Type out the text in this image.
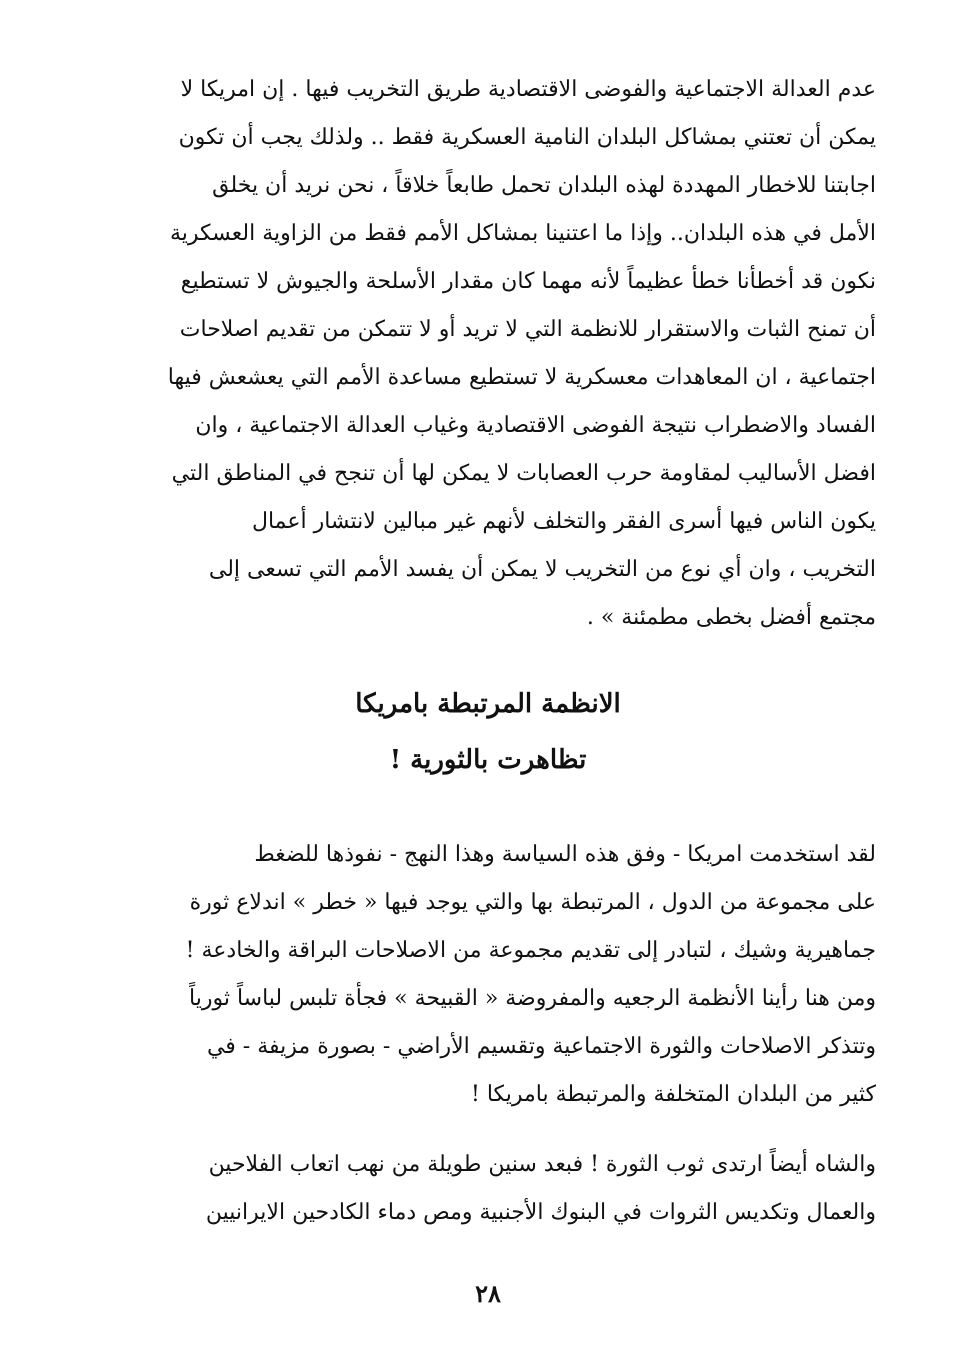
عدم العدالة الاجتماعية والفوضى الاقتصادية طريق التخريب فيها . إن امريكا لا
يمكن أن تعتني بمشاكل البلدان النامية العسكرية فقط .. ولذلك يجب أن تكون
اجابتنا للاخطار المهددة لهذه البلدان تحمل طابعاً خلاقاً ، نحن نريد أن يخلق
الأمل في هذه البلدان.. وإذا ما اعتنينا بمشاكل الأمم فقط من الزاوية العسكرية
نكون قد أخطأنا خطأ عظيماً لأنه مهما كان مقدار الأسلحة والجيوش لا تستطيع
أن تمنح الثبات والاستقرار للانظمة التي لا تريد أو لا تتمكن من تقديم اصلاحات
اجتماعية ، ان المعاهدات معسكرية لا تستطيع مساعدة الأمم التي يعشعش فيها
الفساد والاضطراب نتيجة الفوضى الاقتصادية وغياب العدالة الاجتماعية ، وان
افضل الأساليب لمقاومة حرب العصابات لا يمكن لها أن تنجح في المناطق التي
يكون الناس فيها أسرى الفقر والتخلف لأنهم غير مبالين لانتشار أعمال
التخريب ، وان أي نوع من التخريب لا يمكن أن يفسد الأمم التي تسعى إلى
مجتمع أفضل بخطى مطمئنة » .
الانظمة المرتبطة بامريكا
تظاهرت بالثورية !
لقد استخدمت امريكا - وفق هذه السياسة وهذا النهج - نفوذها للضغط
على مجموعة من الدول ، المرتبطة بها والتي يوجد فيها « خطر » اندلاع ثورة
جماهيرية وشيك ، لتبادر إلى تقديم مجموعة من الاصلاحات البراقة والخادعة !
ومن هنا رأينا الأنظمة الرجعيه والمفروضة « القبيحة » فجأة تلبس لباساً ثورياً
وتتذكر الاصلاحات والثورة الاجتماعية وتقسيم الأراضي - بصورة مزيفة - في
كثير من البلدان المتخلفة والمرتبطة بامريكا !
والشاه أيضاً ارتدى ثوب الثورة ! فبعد سنين طويلة من نهب اتعاب الفلاحين
والعمال وتكديس الثروات في البنوك الأجنبية ومص دماء الكادحين الايرانيين
٢٨
